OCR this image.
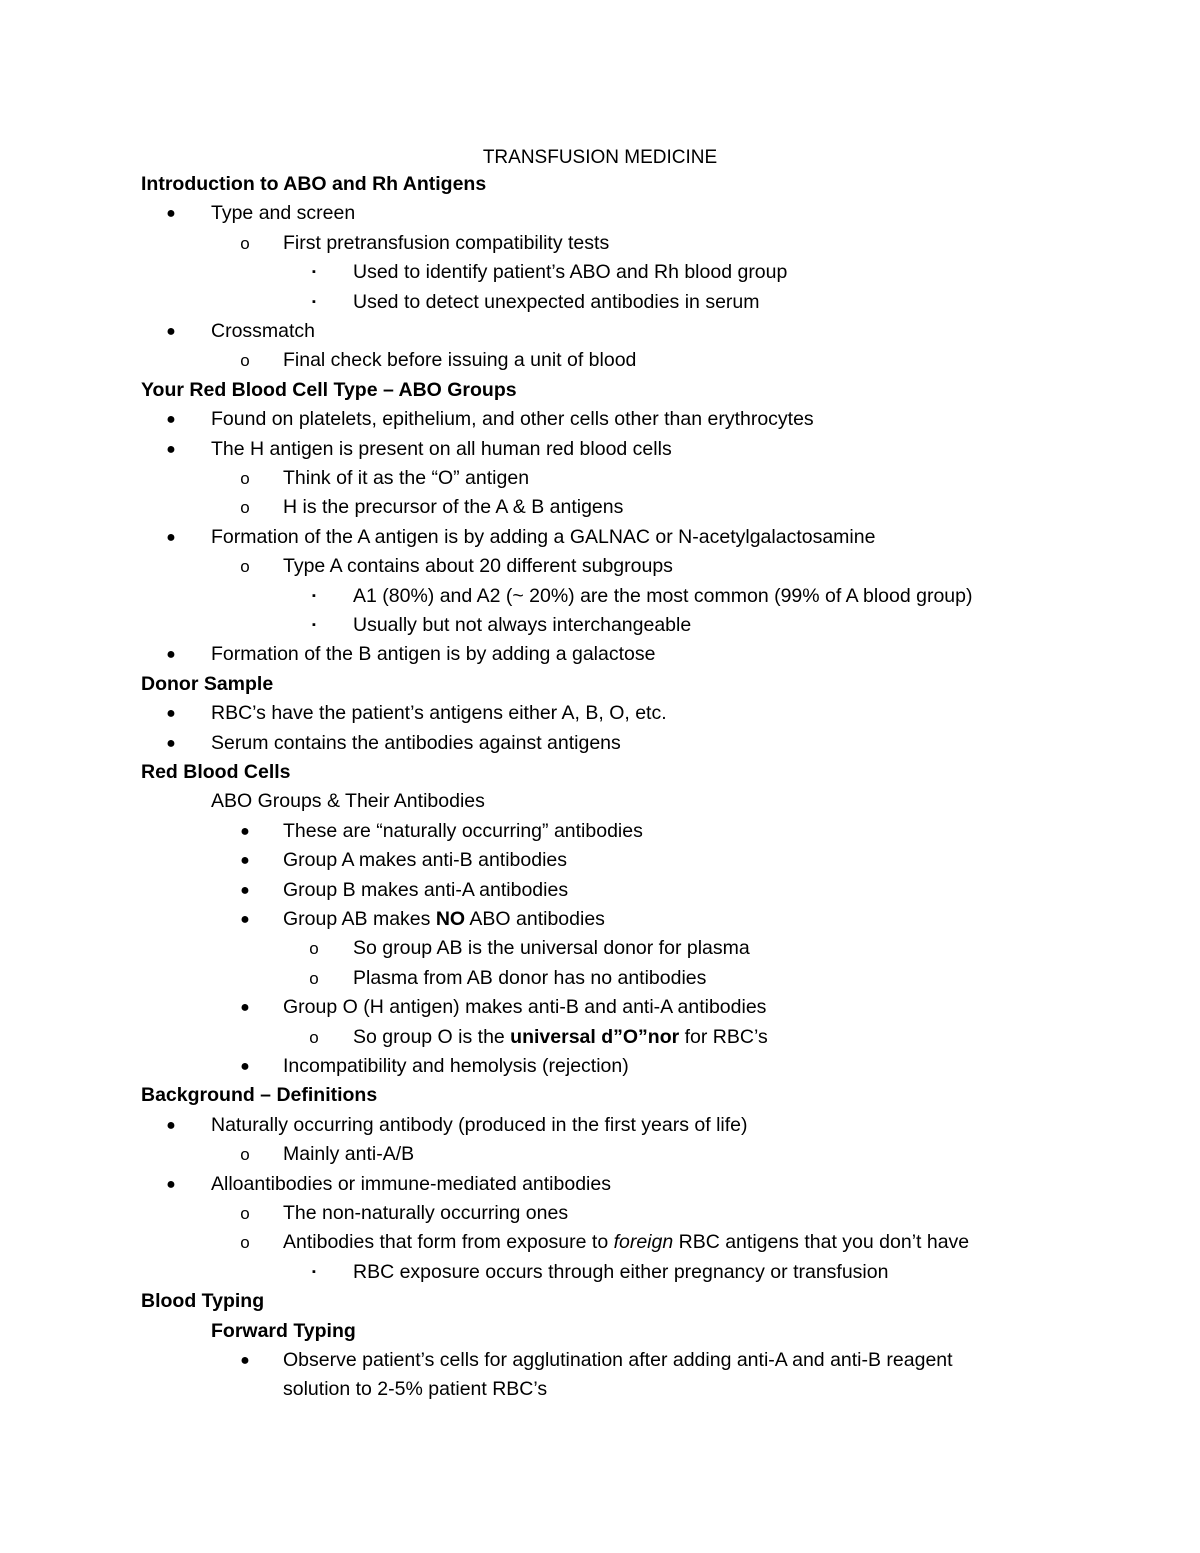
TRANSFUSION MEDICINE
Introduction to ABO and Rh Antigens
● Type and screen
o First pretransfusion compatibility tests
▪	Used to identify patient’s ABO and Rh blood group
▪	Used to detect unexpected antibodies in serum
● Crossmatch
o Final check before issuing a unit of blood
Your Red Blood Cell Type – ABO Groups
● Found on platelets, epithelium, and other cells other than erythrocytes
● The H antigen is present on all human red blood cells
o Think of it as the “O” antigen
o H is the precursor of the A & B antigens
● Formation of the A antigen is by adding a GALNAC or N-acetylgalactosamine
o Type A contains about 20 different subgroups
▪	A1 (80%) and A2 (~ 20%) are the most common (99% of A blood group)
▪	Usually but not always interchangeable
● Formation of the B antigen is by adding a galactose
Donor Sample
● RBC’s have the patient’s antigens either A, B, O, etc.
● Serum contains the antibodies against antigens
Red Blood Cells
ABO Groups & Their Antibodies
● These are “naturally occurring” antibodies
● Group A makes anti-B antibodies
● Group B makes anti-A antibodies
● Group AB makes NO ABO antibodies
o So group AB is the universal donor for plasma
o Plasma from AB donor has no antibodies
● Group O (H antigen) makes anti-B and anti-A antibodies
o So group O is the universal d”O”nor for RBC’s
● Incompatibility and hemolysis (rejection)
Background – Definitions
● Naturally occurring antibody (produced in the first years of life)
o Mainly anti-A/B
● Alloantibodies or immune-mediated antibodies
o The non-naturally occurring ones
o Antibodies that form from exposure to foreign RBC antigens that you don’t have
▪	RBC exposure occurs through either pregnancy or transfusion
Blood Typing
Forward Typing
● Observe patient’s cells for agglutination after adding anti-A and anti-B reagent
solution to 2-5% patient RBC’s
